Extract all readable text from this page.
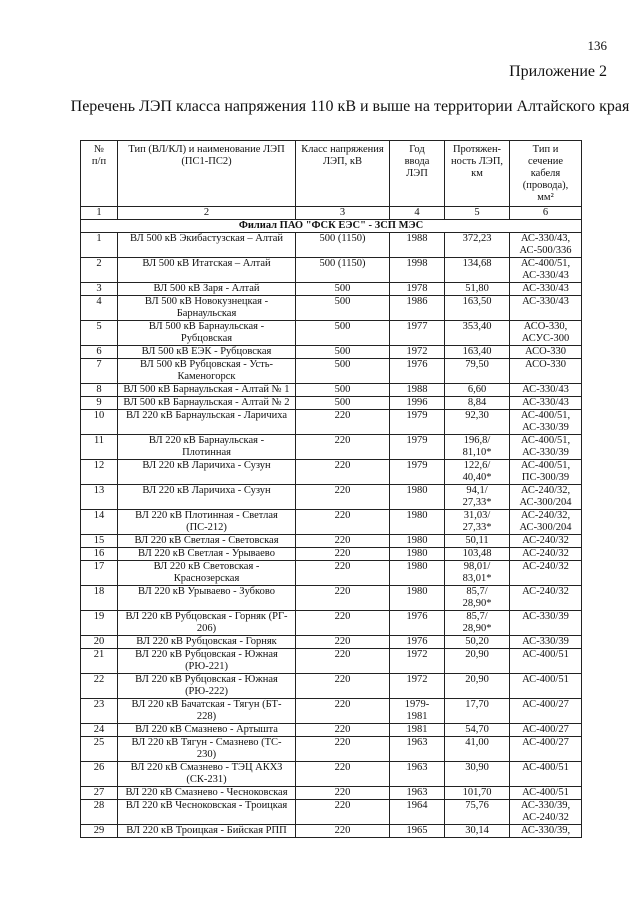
136
Приложение 2
Перечень ЛЭП класса напряжения 110 кВ и выше на территории Алтайского края
№
п/п	Тип (ВЛ/КЛ) и наименование ЛЭП
(ПС1-ПС2)	Класс напряжения
ЛЭП, кВ	Год
ввода
ЛЭП	Протяжен-
ность ЛЭП,
км	Тип и
сечение
кабеля
(провода),
мм²
1	2	3	4	5	6
Филиал ПАО "ФСК ЕЭС" - ЗСП МЭС					
1	ВЛ 500 кВ Экибастузская – Алтай	500 (1150)	1988	372,23	АС-330/43,
АС-500/336
2	ВЛ 500 кВ Итатская – Алтай	500 (1150)	1998	134,68	АС-400/51,
АС-330/43
3	ВЛ 500 кВ Заря - Алтай	500	1978	51,80	АС-330/43
4	ВЛ 500 кВ Новокузнецкая -
Барнаульская	500	1986	163,50	АС-330/43
5	ВЛ 500 кВ Барнаульская -
Рубцовская	500	1977	353,40	АСО-330,
АСУС-300
6	ВЛ 500 кВ ЕЭК - Рубцовская	500	1972	163,40	АСО-330
7	ВЛ 500 кВ Рубцовская - Усть-
Каменогорск	500	1976	79,50	АСО-330
8	ВЛ 500 кВ Барнаульская - Алтай № 1	500	1988	6,60	АС-330/43
9	ВЛ 500 кВ Барнаульская - Алтай № 2	500	1996	8,84	АС-330/43
10	ВЛ 220 кВ Барнаульская - Ларичиха	220	1979	92,30	АС-400/51,
АС-330/39
11	ВЛ 220 кВ Барнаульская -
Плотинная	220	1979	196,8/
81,10*	АС-400/51,
АС-330/39
12	ВЛ 220 кВ Ларичиха - Сузун	220	1979	122,6/
40,40*	АС-400/51,
ПС-300/39
13	ВЛ 220 кВ Ларичиха - Сузун	220	1980	94,1/
27,33*	АС-240/32,
АС-300/204
14	ВЛ 220 кВ Плотинная - Светлая
(ПС-212)	220	1980	31,03/
27,33*	АС-240/32,
АС-300/204
15	ВЛ 220 кВ Светлая - Световская	220	1980	50,11	АС-240/32
16	ВЛ 220 кВ Светлая - Урываево	220	1980	103,48	АС-240/32
17	ВЛ 220 кВ Световская -
Краснозерская	220	1980	98,01/
83,01*	АС-240/32
18	ВЛ 220 кВ Урываево - Зубково	220	1980	85,7/
28,90*	АС-240/32
19	ВЛ 220 кВ Рубцовская - Горняк (РГ-
206)	220	1976	85,7/
28,90*	АС-330/39
20	ВЛ 220 кВ Рубцовская - Горняк	220	1976	50,20	АС-330/39
21	ВЛ 220 кВ Рубцовская - Южная
(РЮ-221)	220	1972	20,90	АС-400/51
22	ВЛ 220 кВ Рубцовская - Южная
(РЮ-222)	220	1972	20,90	АС-400/51
23	ВЛ 220 кВ Бачатская - Тягун (БТ-
228)	220	1979-
1981	17,70	АС-400/27
24	ВЛ 220 кВ Смазнево - Артышта	220	1981	54,70	АС-400/27
25	ВЛ 220 кВ Тягун - Смазнево (ТС-
230)	220	1963	41,00	АС-400/27
26	ВЛ 220 кВ Смазнево - ТЭЦ АКХЗ
(СК-231)	220	1963	30,90	АС-400/51
27	ВЛ 220 кВ Смазнево - Чесноковская	220	1963	101,70	АС-400/51
28	ВЛ 220 кВ Чесноковская - Троицкая	220	1964	75,76	АС-330/39,
АС-240/32
29	ВЛ 220 кВ Троицкая - Бийская РПП	220	1965	30,14	АС-330/39,
